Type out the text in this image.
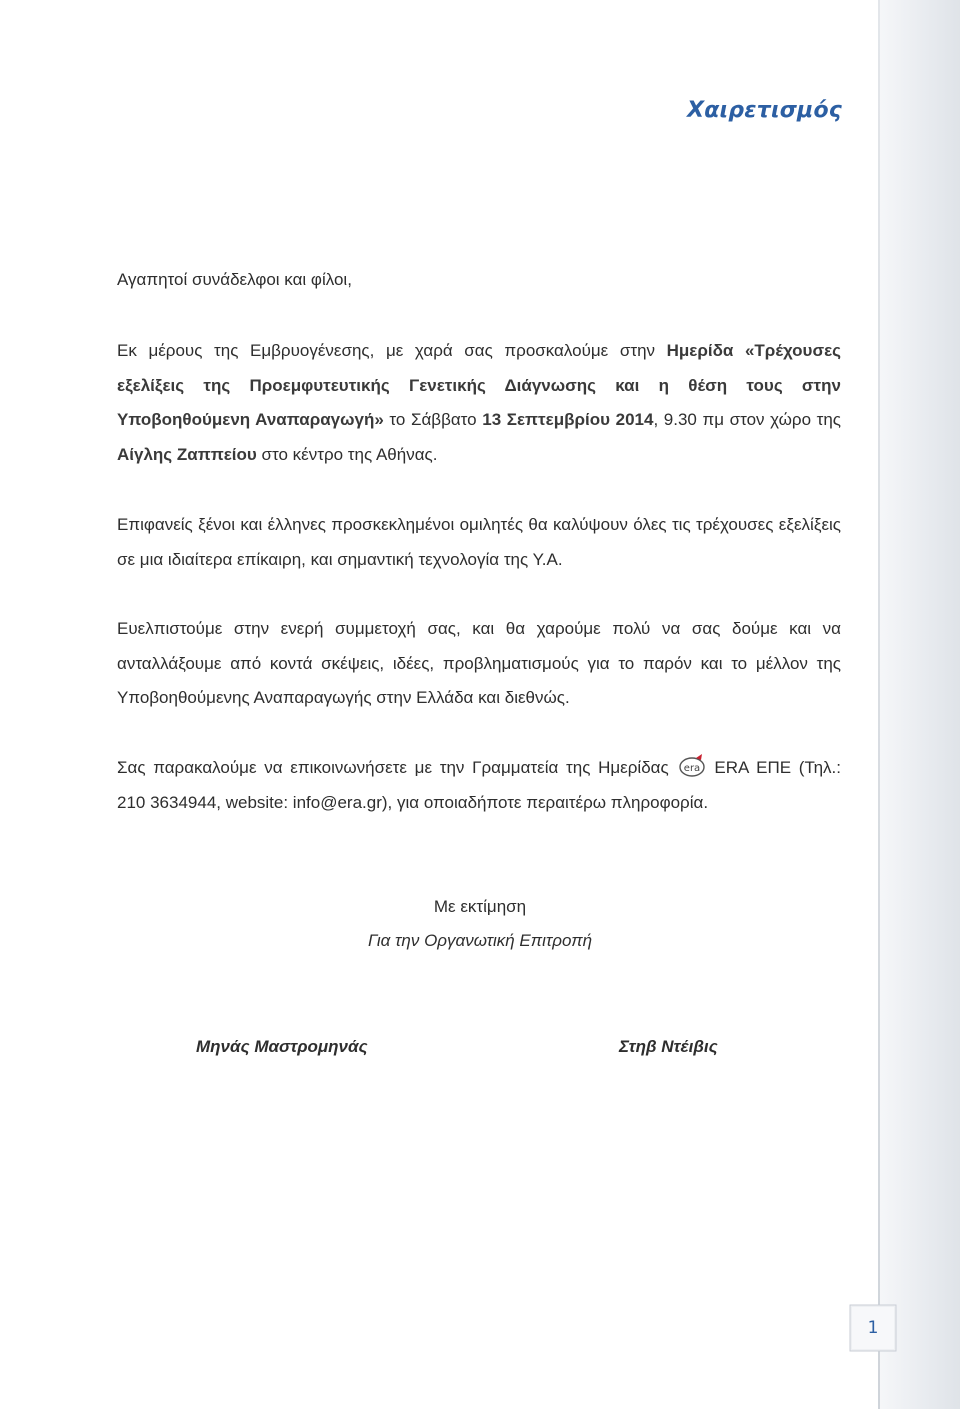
Χαιρετισμός

Αγαπητοί συνάδελφοι και φίλοι,

Εκ μέρους της Εμβρυογένεσης, με χαρά σας προσκαλούμε στην Ημερίδα «Τρέχουσες εξελίξεις της Προεμφυτευτικής Γενετικής Διάγνωσης και η θέση τους στην Υποβοηθούμενη Αναπαραγωγή» το Σάββατο 13 Σεπτεμβρίου 2014, 9.30 πμ στον χώρο της Αίγλης Ζαππείου στο κέντρο της Αθήνας.

Επιφανείς ξένοι και έλληνες προσκεκλημένοι ομιλητές θα καλύψουν όλες τις τρέχουσες εξελίξεις σε μια ιδιαίτερα επίκαιρη, και σημαντική τεχνολογία της Υ.Α.

Ευελπιστούμε στην ενερή συμμετοχή σας, και θα χαρούμε πολύ να σας δούμε και να ανταλλάξουμε από κοντά σκέψεις, ιδέες, προβληματισμούς για το παρόν και το μέλλον της Υποβοηθούμενης Αναπαραγωγής στην Ελλάδα και διεθνώς.

Σας παρακαλούμε να επικοινωνήσετε με την Γραμματεία της Ημερίδας era ERA ΕΠΕ (Τηλ.: 210 3634944, website: info@era.gr), για οποιαδήποτε περαιτέρω πληροφορία.

Με εκτίμηση
Για την Οργανωτική Επιτροπή
Μηνάς Μαστρομηνάς	Στηβ Ντέιβις
1
